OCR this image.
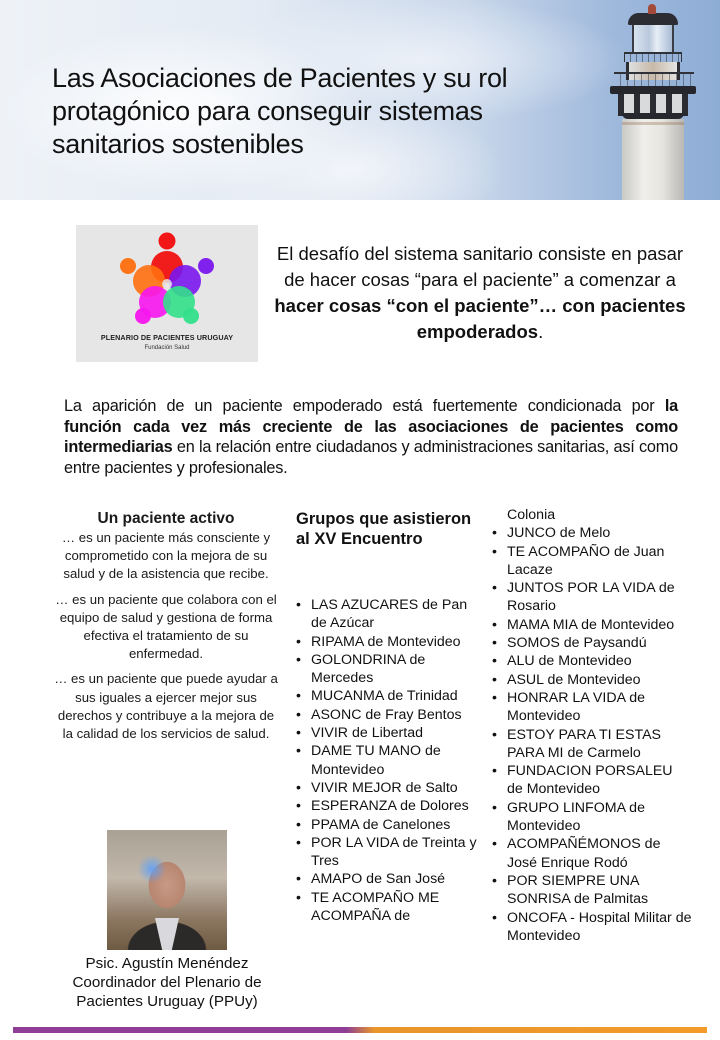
Las Asociaciones de Pacientes y su rol
protagónico para conseguir sistemas
sanitarios sostenibles
PLENARIO DE PACIENTES URUGUAY
Fundación Salud

El desafío del sistema sanitario consiste en pasar de hacer cosas “para el paciente” a comenzar a hacer cosas “con el paciente”… con pacientes empoderados.

La aparición de un paciente empoderado está fuertemente condicionada por la función cada vez más creciente de las asociaciones de pacientes como intermediarias en la relación entre ciudadanos y administraciones sanitarias, así como entre pacientes y profesionales.

Un paciente activo

… es un paciente más consciente y comprometido con la mejora de su salud y de la asistencia que recibe.

… es un paciente que colabora con el equipo de salud y gestiona de forma efectiva el tratamiento de su enfermedad.

… es un paciente que puede ayudar a sus iguales a ejercer mejor sus derechos y contribuye a la mejora de la calidad de los servicios de salud.

Psic. Agustín Menéndez
Coordinador del Plenario de
Pacientes Uruguay (PPUy)
Grupos que asistieron al XV Encuentro
• LAS AZUCARES de Pan de Azúcar
• RIPAMA de Montevideo
• GOLONDRINA de Mercedes
• MUCANMA de Trinidad
• ASONC de Fray Bentos
• VIVIR de Libertad
• DAME TU MANO de Montevideo
• VIVIR MEJOR de Salto
• ESPERANZA de Dolores
• PPAMA de Canelones
• POR LA VIDA de Treinta y Tres
• AMAPO de San José
• TE ACOMPAÑO ME ACOMPAÑA de
Colonia
• JUNCO de Melo
• TE ACOMPAÑO de Juan Lacaze
• JUNTOS POR LA VIDA de Rosario
• MAMA MIA de Montevideo
• SOMOS de Paysandú
• ALU de Montevideo
• ASUL de Montevideo
• HONRAR LA VIDA de Montevideo
• ESTOY PARA TI ESTAS PARA MI de Carmelo
• FUNDACION PORSALEU de Montevideo
• GRUPO LINFOMA de Montevideo
• ACOMPAÑÉMONOS de José Enrique Rodó
• POR SIEMPRE UNA SONRISA de Palmitas
• ONCOFA - Hospital Militar de Montevideo
